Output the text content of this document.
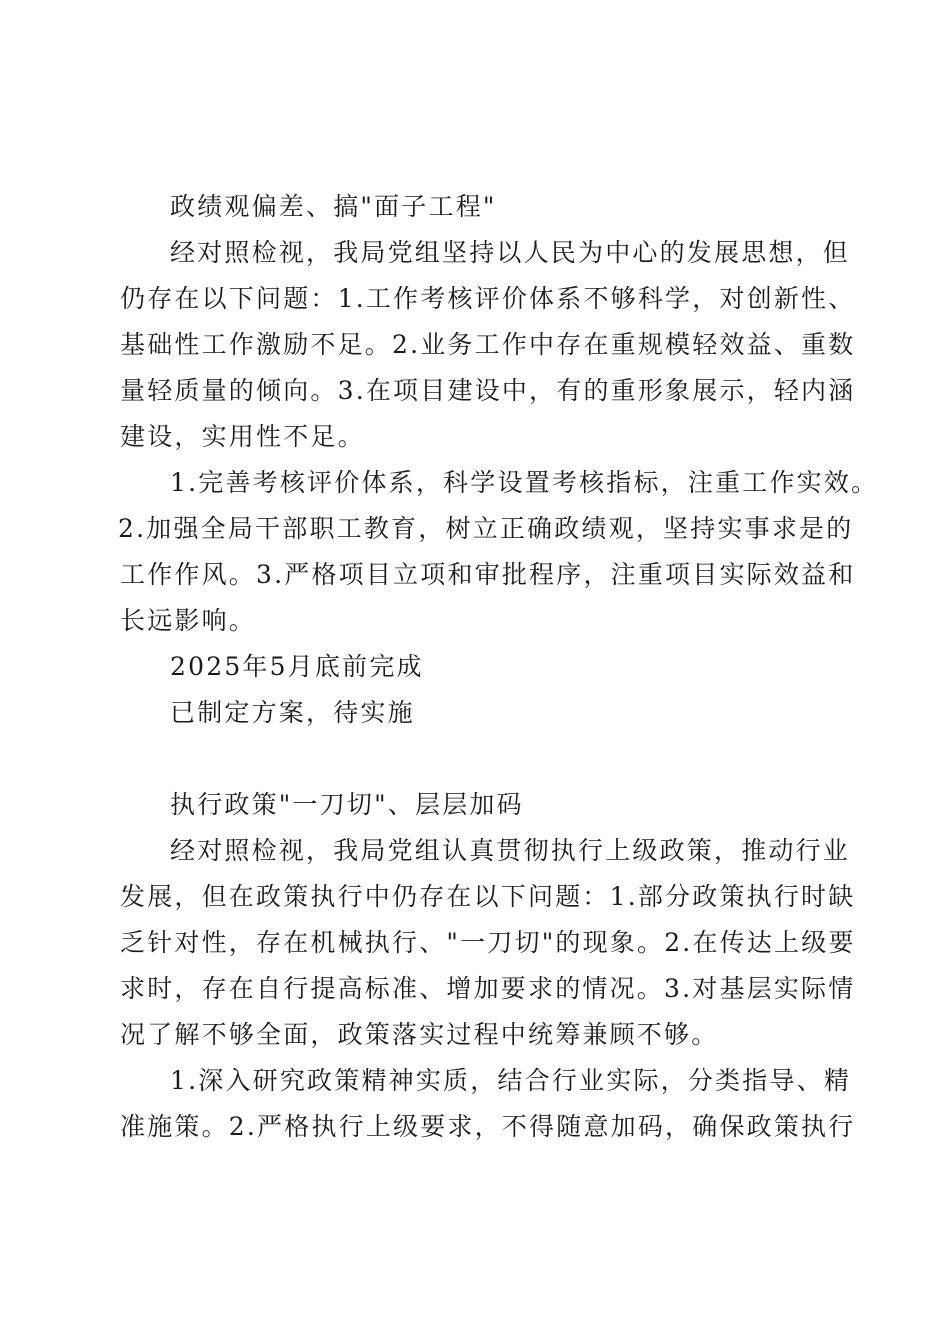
政绩观偏差、搞"面子工程"
经对照检视，我局党组坚持以人民为中心的发展思想，但
仍存在以下问题：1.工作考核评价体系不够科学，对创新性、
基础性工作激励不足。2.业务工作中存在重规模轻效益、重数
量轻质量的倾向。3.在项目建设中，有的重形象展示，轻内涵
建设，实用性不足。
1.完善考核评价体系，科学设置考核指标，注重工作实效。
2.加强全局干部职工教育，树立正确政绩观，坚持实事求是的
工作作风。3.严格项目立项和审批程序，注重项目实际效益和
长远影响。
2025年5月底前完成
已制定方案，待实施
执行政策"一刀切"、层层加码
经对照检视，我局党组认真贯彻执行上级政策，推动行业
发展，但在政策执行中仍存在以下问题：1.部分政策执行时缺
乏针对性，存在机械执行、"一刀切"的现象。2.在传达上级要
求时，存在自行提高标准、增加要求的情况。3.对基层实际情
况了解不够全面，政策落实过程中统筹兼顾不够。
1.深入研究政策精神实质，结合行业实际，分类指导、精
准施策。2.严格执行上级要求，不得随意加码，确保政策执行
